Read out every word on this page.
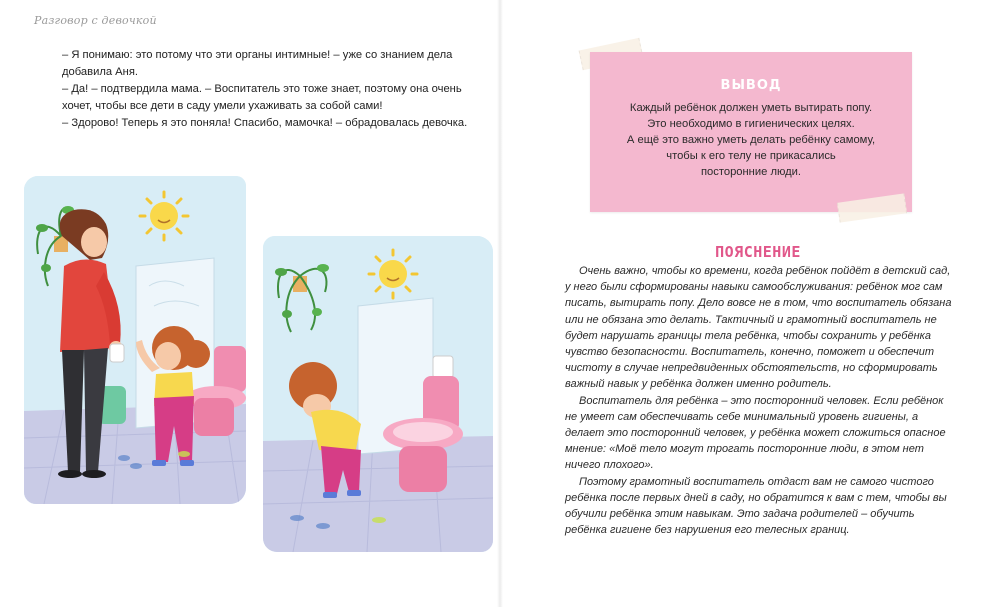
Разговор с девочкой

– Я понимаю: это потому что эти органы интимные! – уже со знанием дела добавила Аня.

– Да! – подтвердила мама. – Воспитатель это тоже знает, поэтому она очень хочет, чтобы все дети в саду умели ухаживать за собой сами!

– Здорово! Теперь я это поняла! Спасибо, мамочка! – обрадовалась девочка.

ВЫВОД
Каждый ребёнок должен уметь вытирать попу.
Это необходимо в гигиенических целях.
А ещё это важно уметь делать ребёнку самому,
чтобы к его телу не прикасались
посторонние люди.
ПОЯСНЕНИЕ

Очень важно, чтобы ко времени, когда ребёнок пойдёт в детский сад, у него были сформированы навыки самообслуживания: ребёнок мог сам писать, вытирать попу. Дело вовсе не в том, что воспитатель обязана или не обязана это делать. Тактичный и грамотный воспитатель не будет нарушать границы тела ребёнка, чтобы сохранить у ребёнка чувство безопасности. Воспитатель, конечно, поможет и обеспечит чистоту в случае непредвиденных обстоятельств, но сформировать важный навык у ребёнка должен именно родитель.

Воспитатель для ребёнка – это посторонний человек. Если ребёнок не умеет сам обеспечивать себе минимальный уровень гигиены, а делает это посторонний человек, у ребёнка может сложиться опасное мнение: «Моё тело могут трогать посторонние люди, в этом нет ничего плохого».

Поэтому грамотный воспитатель отдаст вам не самого чистого ребёнка после первых дней в саду, но обратится к вам с тем, чтобы вы обучили ребёнка этим навыкам. Это задача родителей – обучить ребёнка гигиене без нарушения его телесных границ.
